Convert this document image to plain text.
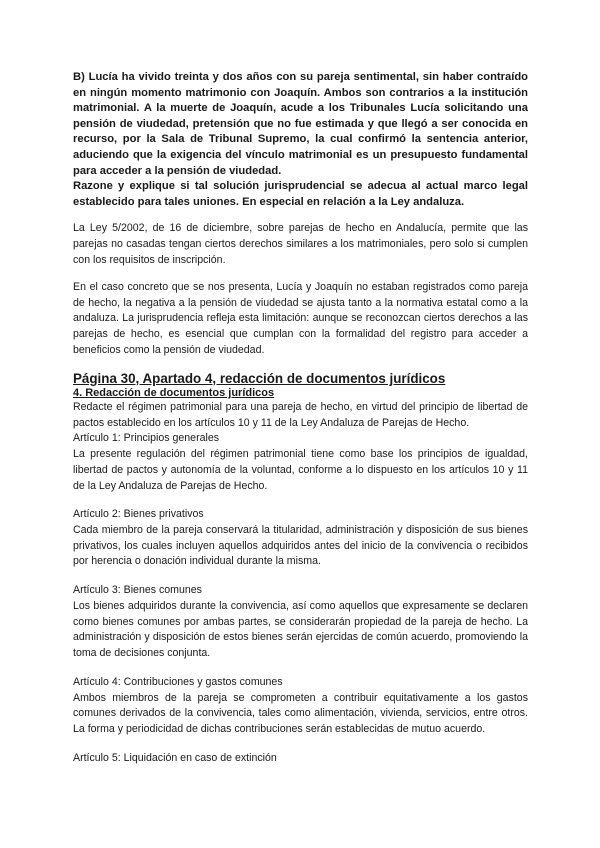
B) Lucía ha vivido treinta y dos años con su pareja sentimental, sin haber contraído en ningún momento matrimonio con Joaquín. Ambos son contrarios a la institución matrimonial. A la muerte de Joaquín, acude a los Tribunales Lucía solicitando una pensión de viudedad, pretensión que no fue estimada y que llegó a ser conocida en recurso, por la Sala de Tribunal Supremo, la cual confirmó la sentencia anterior, aduciendo que la exigencia del vínculo matrimonial es un presupuesto fundamental para acceder a la pensión de viudedad.

Razone y explique si tal solución jurisprudencial se adecua al actual marco legal establecido para tales uniones. En especial en relación a la Ley andaluza.

La Ley 5/2002, de 16 de diciembre, sobre parejas de hecho en Andalucía, permite que las parejas no casadas tengan ciertos derechos similares a los matrimoniales, pero solo si cumplen con los requisitos de inscripción.

En el caso concreto que se nos presenta, Lucía y Joaquín no estaban registrados como pareja de hecho, la negativa a la pensión de viudedad se ajusta tanto a la normativa estatal como a la andaluza. La jurisprudencia refleja esta limitación: aunque se reconozcan ciertos derechos a las parejas de hecho, es esencial que cumplan con la formalidad del registro para acceder a beneficios como la pensión de viudedad.

Página 30, Apartado 4, redacción de documentos jurídicos

4. Redacción de documentos jurídicos

Redacte el régimen patrimonial para una pareja de hecho, en virtud del principio de libertad de pactos establecido en los artículos 10 y 11 de la Ley Andaluza de Parejas de Hecho.

Artículo 1: Principios generales

La presente regulación del régimen patrimonial tiene como base los principios de igualdad, libertad de pactos y autonomía de la voluntad, conforme a lo dispuesto en los artículos 10 y 11 de la Ley Andaluza de Parejas de Hecho.

Artículo 2: Bienes privativos

Cada miembro de la pareja conservará la titularidad, administración y disposición de sus bienes privativos, los cuales incluyen aquellos adquiridos antes del inicio de la convivencia o recibidos por herencia o donación individual durante la misma.

Artículo 3: Bienes comunes

Los bienes adquiridos durante la convivencia, así como aquellos que expresamente se declaren como bienes comunes por ambas partes, se considerarán propiedad de la pareja de hecho. La administración y disposición de estos bienes serán ejercidas de común acuerdo, promoviendo la toma de decisiones conjunta.

Artículo 4: Contribuciones y gastos comunes

Ambos miembros de la pareja se comprometen a contribuir equitativamente a los gastos comunes derivados de la convivencia, tales como alimentación, vivienda, servicios, entre otros. La forma y periodicidad de dichas contribuciones serán establecidas de mutuo acuerdo.

Artículo 5: Liquidación en caso de extinción
